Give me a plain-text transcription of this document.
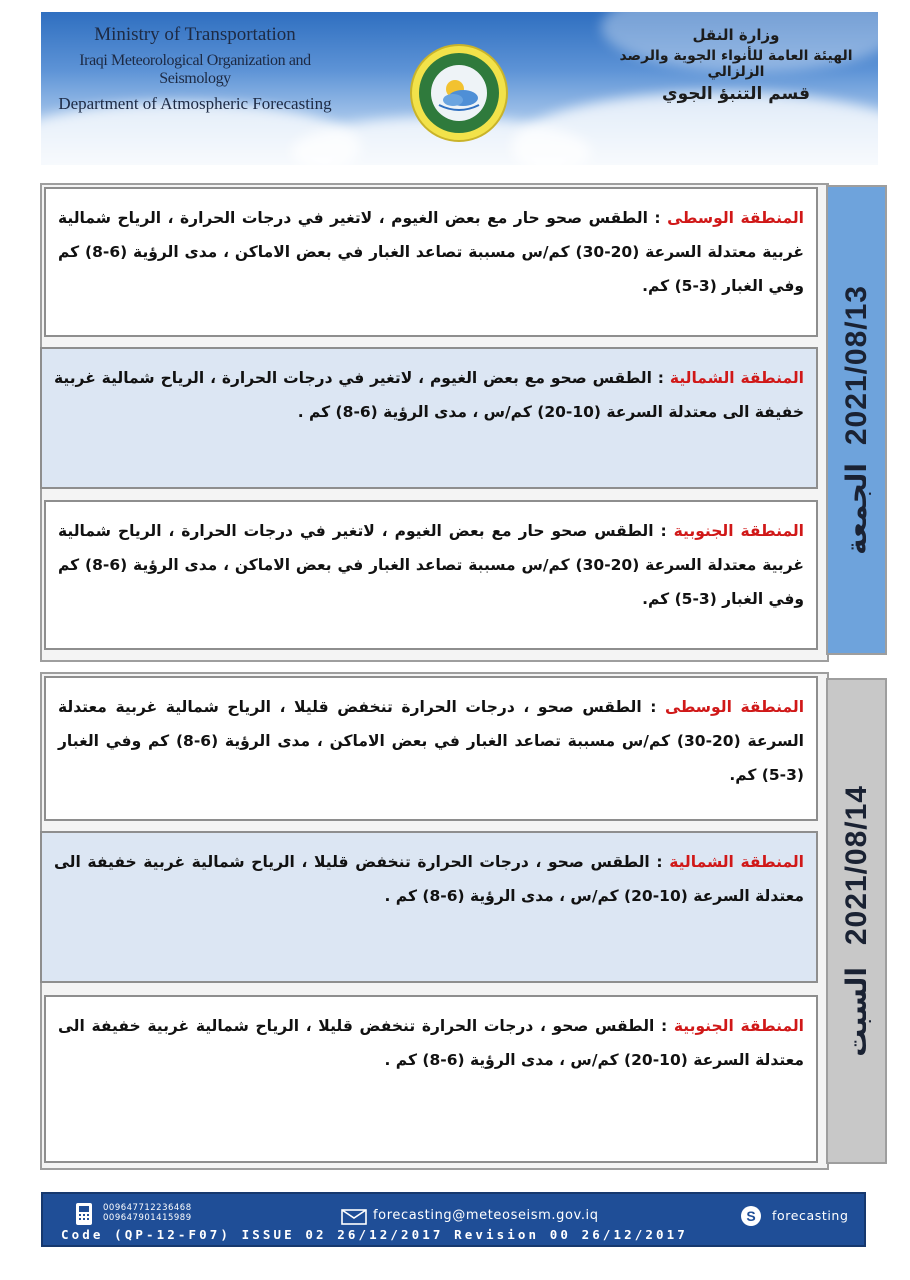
Ministry of Transportation
Iraqi Meteorological Organization and Seismology
Department of Atmospheric Forecasting
وزارة النقل
الهيئة العامة للأنواء الجوية والرصد الزلزالي
قسم التنبؤ الجوي
المنطقة الوسطى : الطقس صحو حار مع بعض الغيوم ، لاتغير في درجات الحرارة ، الرياح شمالية غربية معتدلة السرعة (20-30) كم/س مسببة تصاعد الغبار في بعض الاماكن ، مدى الرؤية (6-8) كم وفي الغبار (3-5) كم.
المنطقة الشمالية : الطقس صحو مع بعض الغيوم ، لاتغير في درجات الحرارة ، الرياح شمالية غربية خفيفة الى معتدلة السرعة (10-20) كم/س ، مدى الرؤية (6-8) كم .
المنطقة الجنوبية : الطقس صحو حار مع بعض الغيوم ، لاتغير في درجات الحرارة ، الرياح شمالية غربية معتدلة السرعة (20-30) كم/س مسببة تصاعد الغبار في بعض الاماكن ، مدى الرؤية (6-8) كم وفي الغبار (3-5) كم.
2021/08/13
الجمعة
المنطقة الوسطى : الطقس صحو ، درجات الحرارة تنخفض قليلا ، الرياح شمالية غربية معتدلة السرعة (20-30) كم/س مسببة تصاعد الغبار في بعض الاماكن ، مدى الرؤية (6-8) كم وفي الغبار (3-5) كم.
المنطقة الشمالية : الطقس صحو ، درجات الحرارة تنخفض قليلا ، الرياح شمالية غربية خفيفة الى معتدلة السرعة (10-20) كم/س ، مدى الرؤية (6-8) كم .
المنطقة الجنوبية : الطقس صحو ، درجات الحرارة تنخفض قليلا ، الرياح شمالية غربية خفيفة الى معتدلة السرعة (10-20) كم/س ، مدى الرؤية (6-8) كم .
2021/08/14
السبت
009647712236468
009647901415989	forecasting@meteoseism.gov.iq	S forecasting
Code (QP-12-F07) ISSUE 02 26/12/2017 Revision 00 26/12/2017
